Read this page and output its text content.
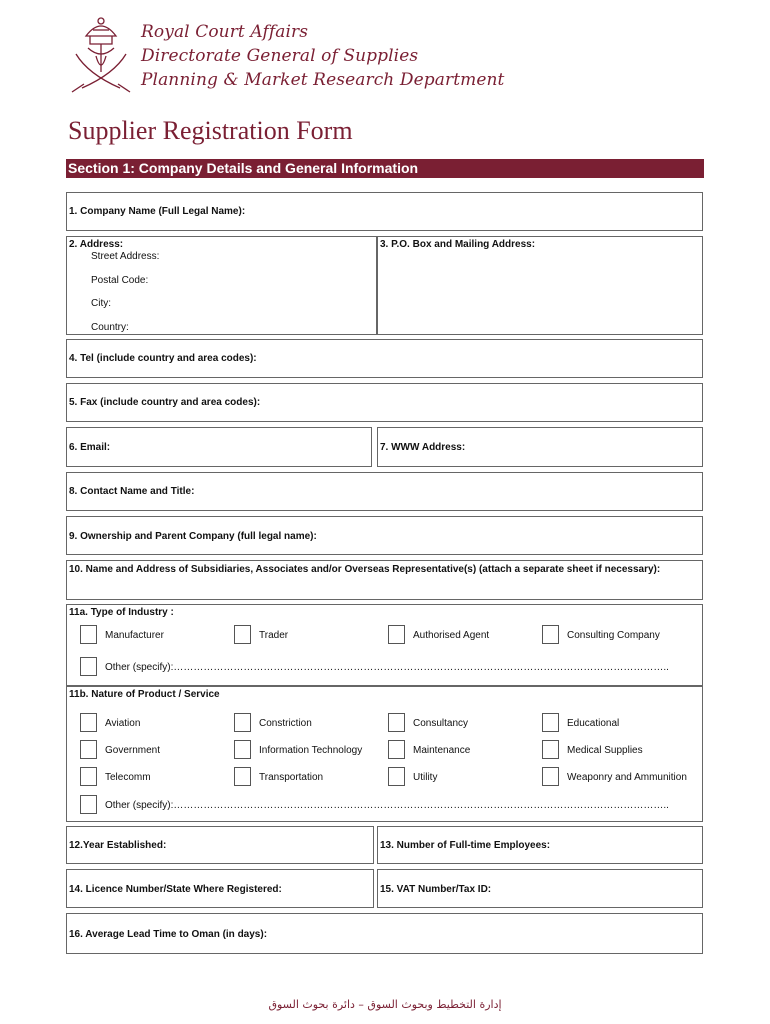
Royal Court Affairs
Directorate General of Supplies
Planning & Market Research Department
Supplier Registration Form
Section 1: Company Details and General Information
1. Company Name (Full Legal Name):
2. Address:
Street Address:
Postal Code:
City:
Country:
3. P.O. Box and Mailing Address:
4. Tel (include country and area codes):
5. Fax (include country and area codes):
6. Email:	7. WWW Address:
8. Contact Name and Title:
9. Ownership and Parent Company (full legal name):
10. Name and Address of Subsidiaries, Associates and/or Overseas Representative(s) (attach a separate sheet if necessary):
11a. Type of Industry :
Manufacturer	Trader	Authorised Agent	Consulting Company
Other (specify):…………………………………………………………………………………………………………………………………..
11b. Nature of Product / Service
Aviation	Constriction	Consultancy	Educational
Government	Information Technology	Maintenance	Medical Supplies
Telecomm	Transportation	Utility	Weaponry and Ammunition
Other (specify):…………………………………………………………………………………………………………………………………..
12.Year Established:	13. Number of Full-time Employees:
14. Licence Number/State Where Registered:	15. VAT Number/Tax ID:
16. Average Lead Time to Oman (in days):
إدارة التخطيط وبحوث السوق – دائرة بحوث السوق
